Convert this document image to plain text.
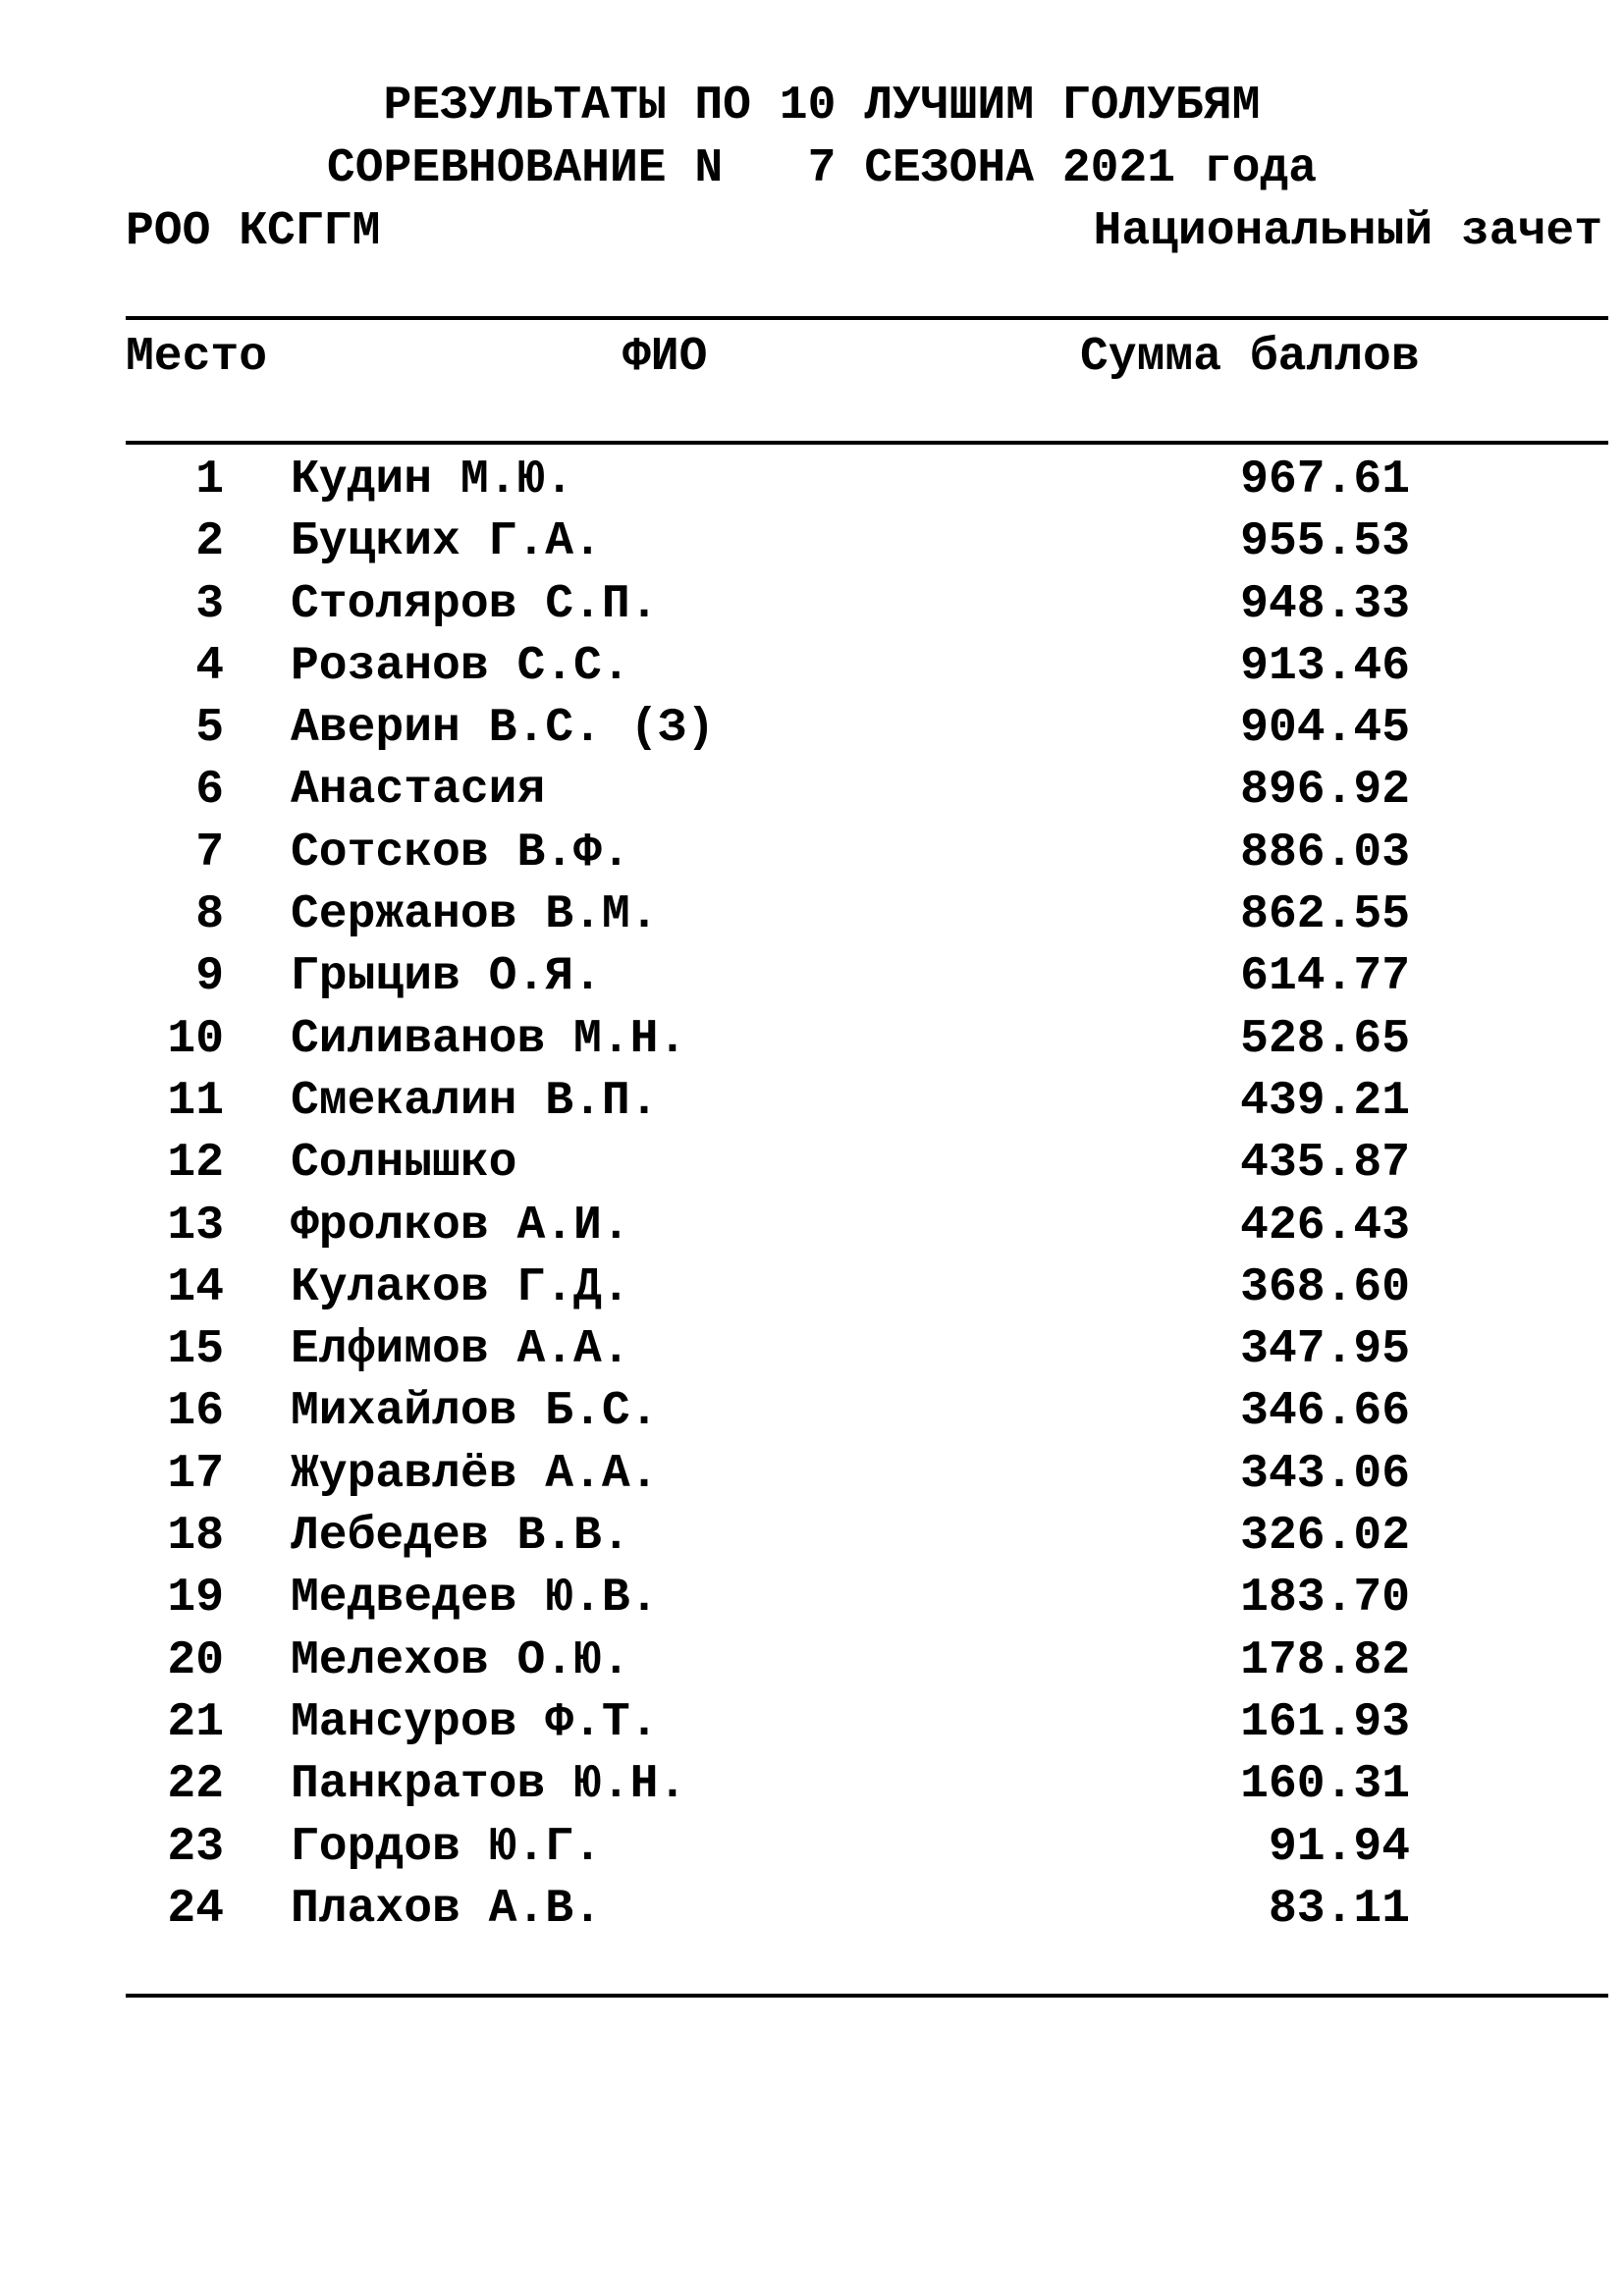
РЕЗУЛЬТАТЫ ПО 10 ЛУЧШИМ ГОЛУБЯМ
СОРЕВНОВАНИЕ N   7 СЕЗОНА 2021 года
РОО КСГГМ	Национальный зачет
Место	ФИО	Сумма баллов
1 Кудин М.Ю.	967.61
2 Буцких Г.А.	955.53
3 Столяров С.П.	948.33
4 Розанов С.С.	913.46
5 Аверин В.С. (З)	904.45
6 Анастасия	896.92
7 Сотсков В.Ф.	886.03
8 Сержанов В.М.	862.55
9 Грыцив О.Я.	614.77
10 Силиванов М.Н.	528.65
11 Смекалин В.П.	439.21
12 Солнышко	435.87
13 Фролков А.И.	426.43
14 Кулаков Г.Д.	368.60
15 Елфимов А.А.	347.95
16 Михайлов Б.С.	346.66
17 Журавлёв А.А.	343.06
18 Лебедев В.В.	326.02
19 Медведев Ю.В.	183.70
20 Мелехов О.Ю.	178.82
21 Мансуров Ф.Т.	161.93
22 Панкратов Ю.Н.	160.31
23 Гордов Ю.Г.	91.94
24 Плахов А.В.	83.11
